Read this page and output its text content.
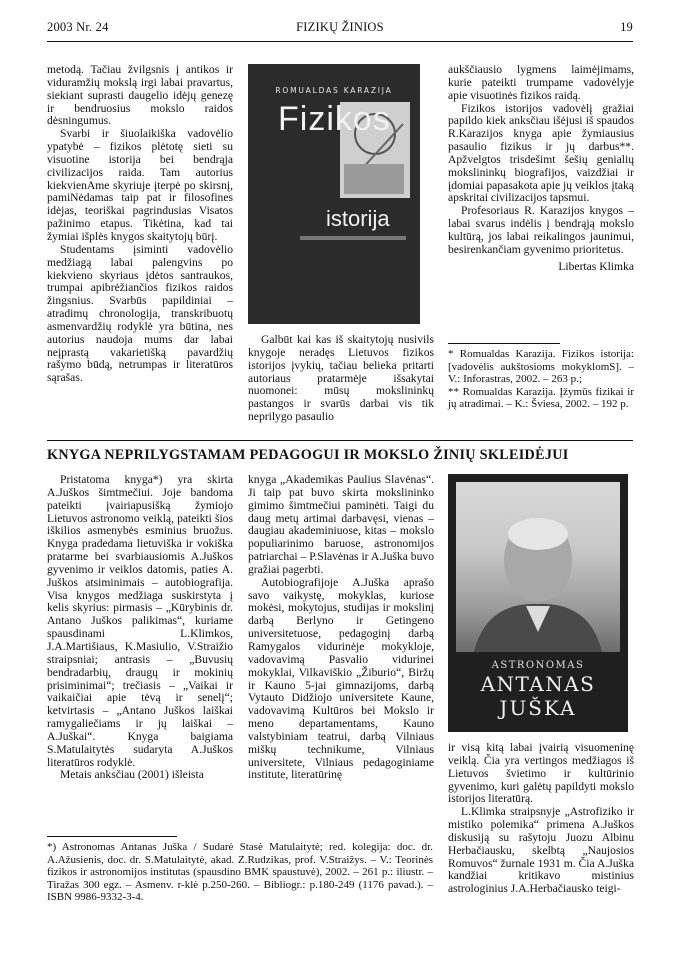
2003 Nr. 24	FIZIKŲ ŽINIOS	19

metodą. Tačiau žvilgsnis į antikos ir viduramžių mokslą irgi labai pravartus, siekiant suprasti daugelio idėjų genezę ir bendruosius mokslo raidos dėsningumus.

Svarbi ir šiuolaikiška vadovėlio ypatybė – fizikos plėtotę sieti su visuotine istorija bei bendrąja civilizacijos raida. Tam autorius kiekvienAme skyriuje įterpė po skirsnį, pamiNėdamas taip pat ir filosofines idėjas, teoriškai pagrindusias Visatos pažinimo etapus. Tikėtina, kad tai žymiai išplės knygos skaitytojų būrį.

Studentams įsiminti vadovėlio medžiagą labai palengvins po kiekvieno skyriaus įdėtos santraukos, trumpai apibrėžiančios fizikos raidos žingsnius. Svarbūs papildiniai – atradimų chronologija, transkribuotų asmenvardžių rodyklė yra būtina, nes autorius naudoja mums dar labai neįprastą vakarietišką pavardžių rašymo būdą, netrumpas ir literatūros sąrašas.

ROMUALDAS KARAZIJA
Fizikos
istorija

Galbūt kai kas iš skaitytojų nusivils knygoje neradęs Lietuvos fizikos istorijos įvykių, tačiau belieka pritarti autoriaus pratarmėje išsakytai nuomonei: mūsų mokslininkų pastangos ir svarūs darbai vis tik neprilygo pasaulio

aukščiausio lygmens laimėjimams, kurie pateikti trumpame vadovėlyje apie visuotinės fizikos raidą.

Fizikos istorijos vadovėlį gražiai papildo kiek anksčiau išėjusi iš spaudos R.Karazijos knyga apie žymiausius pasaulio fizikus ir jų darbus**. Apžvelgtos trisdešimt šešių genialių mokslininkų biografijos, vaizdžiai ir įdomiai papasakota apie jų veiklos įtaką apskritai civilizacijos tapsmui.

Profesoriaus R. Karazijos knygos – labai svarus indėlis į bendrąją mokslo kultūrą, jos labai reikalingos jaunimui, besirenkančiam gyvenimo prioritetus.

Libertas Klimka

* Romualdas Karazija. Fizikos istorija: [vadovėlis aukštosioms mokyklomS]. – V.: Inforastras, 2002. – 263 p.;

** Romualdas Karazija. Įžymūs fizikai ir jų atradimai. – K.: Šviesa, 2002. – 192 p.

KNYGA NEPRILYGSTAMAM PEDAGOGUI IR MOKSLO ŽINIŲ SKLEIDĖJUI

Pristatoma knyga*) yra skirta A.Juškos šimtmečiui. Joje bandoma pateikti įvairiapusišką žymiojo Lietuvos astronomo veiklą, pateikti šios iškilios asmenybės esminius bruožus. Knyga pradedama lietuviška ir vokiška pratarme bei svarbiausiomis A.Juškos gyvenimo ir veiklos datomis, paties A. Juškos atsiminimais – autobiografija. Visa knygos medžiaga suskirstyta į kelis skyrius: pirmasis – „Kūrybinis dr. Antano Juškos palikimas“, kuriame spausdinami L.Klimkos, J.A.Martišiaus, K.Masiulio, V.Straižio straipsniai; antrasis – „Buvusių bendradarbių, draugų ir mokinių prisiminimai“; trečiasis – „Vaikai ir vaikaičiai apie tėvą ir senelį“; ketvirtasis – „Antano Juškos laiškai ramygaliečiams ir jų laiškai – A.Juškai“. Knyga baigiama S.Matulaitytės sudaryta A.Juškos literatūros rodyklė.

Metais anksčiau (2001) išleista

knyga „Akademikas Paulius Slavėnas“. Ji taip pat buvo skirta mokslininko gimimo šimtmečiui paminėti. Taigi du daug metų artimai darbavęsi, vienas – daugiau akademiniuose, kitas – mokslo populiarinimo baruose, astronomijos patriarchai – P.Slavėnas ir A.Juška buvo gražiai pagerbti.

Autobiografijoje A.Juška aprašo savo vaikystę, mokyklas, kuriose mokėsi, mokytojus, studijas ir mokslinį darbą Berlyno ir Getingeno universitetuose, pedagoginį darbą Ramygalos vidurinėje mokykloje, vadovavimą Pasvalio vidurinei mokyklai, Vilkaviškio „Žiburio“, Biržų ir Kauno 5-jai gimnazijoms, darbą Vytauto Didžiojo universitete Kaune, vadovavimą Kultūros bei Mokslo ir meno departamentams, Kauno valstybiniam teatrui, darbą Vilniaus miškų technikume, Vilniaus universitete, Vilniaus pedagoginiame institute, literatūrinę

ASTRONOMAS
ANTANAS
JUŠKA

ir visą kitą labai įvairią visuomeninę veiklą. Čia yra vertingos medžiagos iš Lietuvos švietimo ir kultūrinio gyvenimo, kuri galėtų papildyti mokslo istorijos literatūrą.

L.Klimka straipsnyje „Astrofiziko ir mistiko polemika“ primena A.Juškos diskusiją su rašytoju Juozu Albinu Herbačiausku, skelbtą „Naujosios Romuvos“ žurnale 1931 m. Čia A.Juška kandžiai kritikavo mistinius astrologinius J.A.Herbačiausko teigi-

*) Astronomas Antanas Juška / Sudarė Stasė Matulaitytė; red. kolegija: doc. dr. A.Ažusienis, doc. dr. S.Matulaitytė, akad. Z.Rudzikas, prof. V.Straižys. – V.: Teorinės fizikos ir astronomijos institutas (spausdino BMK spaustuvė), 2002. – 261 p.: iliustr. – Tiražas 300 egz. – Asmenv. r-klė p.250-260. – Bibliogr.: p.180-249 (1176 pavad.). – ISBN 9986-9332-3-4.
